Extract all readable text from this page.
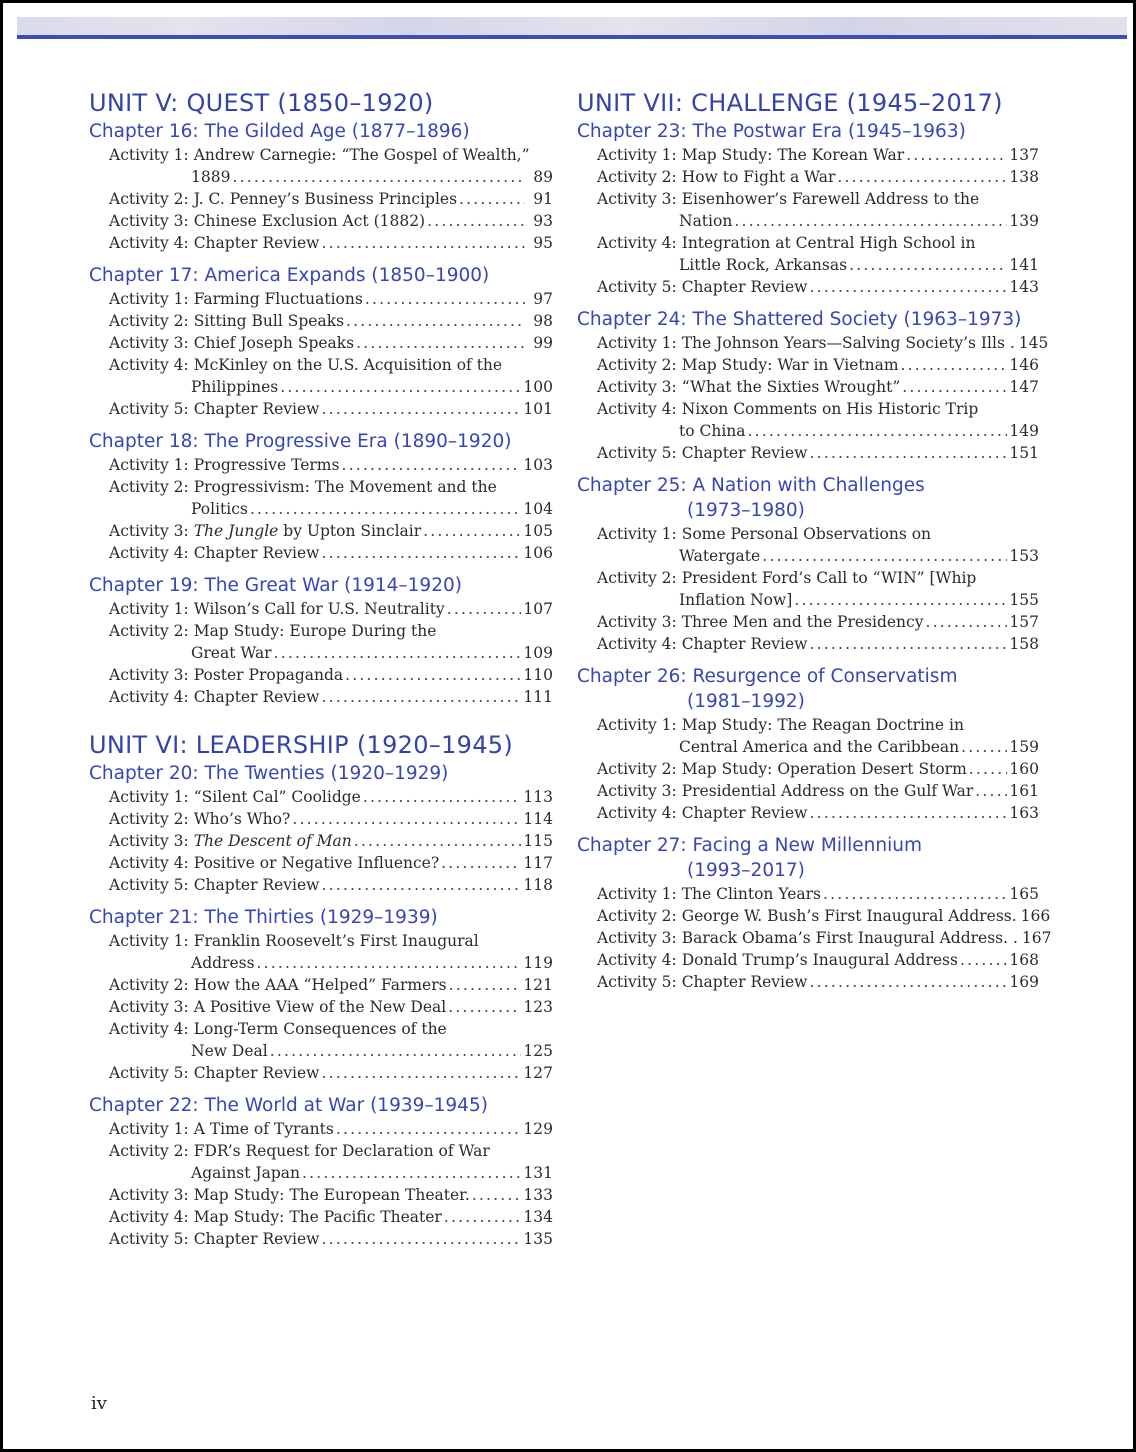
UNIT V: QUEST (1850–1920)
Chapter 16: The Gilded Age (1877–1896)
Activity 1: Andrew Carnegie: “The Gospel of Wealth,”
1889 .....	89
Activity 2: J. C. Penney’s Business Principles .....	91
Activity 3: Chinese Exclusion Act (1882) .....	93
Activity 4: Chapter Review .....	95
Chapter 17: America Expands (1850–1900)
Activity 1: Farming Fluctuations .....	97
Activity 2: Sitting Bull Speaks .....	98
Activity 3: Chief Joseph Speaks .....	99
Activity 4: McKinley on the U.S. Acquisition of the
Philippines .....	100
Activity 5: Chapter Review .....	101
Chapter 18: The Progressive Era (1890–1920)
Activity 1: Progressive Terms .....	103
Activity 2: Progressivism: The Movement and the
Politics .....	104
Activity 3: The Jungle by Upton Sinclair .....	105
Activity 4: Chapter Review .....	106
Chapter 19: The Great War (1914–1920)
Activity 1: Wilson’s Call for U.S. Neutrality .....	107
Activity 2: Map Study: Europe During the
Great War .....	109
Activity 3: Poster Propaganda .....	110
Activity 4: Chapter Review .....	111
UNIT VI: LEADERSHIP (1920–1945)
Chapter 20: The Twenties (1920–1929)
Activity 1: “Silent Cal” Coolidge .....	113
Activity 2: Who’s Who? .....	114
Activity 3: The Descent of Man .....	115
Activity 4: Positive or Negative Influence? .....	117
Activity 5: Chapter Review .....	118
Chapter 21: The Thirties (1929–1939)
Activity 1: Franklin Roosevelt’s First Inaugural
Address .....	119
Activity 2: How the AAA “Helped” Farmers .....	121
Activity 3: A Positive View of the New Deal .....	123
Activity 4: Long-Term Consequences of the
New Deal .....	125
Activity 5: Chapter Review .....	127
Chapter 22: The World at War (1939–1945)
Activity 1: A Time of Tyrants .....	129
Activity 2: FDR’s Request for Declaration of War
Against Japan .....	131
Activity 3: Map Study: The European Theater. .....	133
Activity 4: Map Study: The Pacific Theater .....	134
Activity 5: Chapter Review .....	135
UNIT VII: CHALLENGE (1945–2017)
Chapter 23: The Postwar Era (1945–1963)
Activity 1: Map Study: The Korean War .....	137
Activity 2: How to Fight a War .....	138
Activity 3: Eisenhower’s Farewell Address to the
Nation .....	139
Activity 4: Integration at Central High School in
Little Rock, Arkansas .....	141
Activity 5: Chapter Review .....	143
Chapter 24: The Shattered Society (1963–1973)
Activity 1: The Johnson Years—Salving Society’s Ills . 145
Activity 2: Map Study: War in Vietnam .....	146
Activity 3: “What the Sixties Wrought” .....	147
Activity 4: Nixon Comments on His Historic Trip
to China .....	149
Activity 5: Chapter Review .....	151
Chapter 25: A Nation with Challenges
(1973–1980)
Activity 1: Some Personal Observations on
Watergate .....	153
Activity 2: President Ford’s Call to “WIN” [Whip
Inflation Now] .....	155
Activity 3: Three Men and the Presidency .....	157
Activity 4: Chapter Review .....	158
Chapter 26: Resurgence of Conservatism
(1981–1992)
Activity 1: Map Study: The Reagan Doctrine in
Central America and the Caribbean .....	159
Activity 2: Map Study: Operation Desert Storm .....	160
Activity 3: Presidential Address on the Gulf War ..... 161
Activity 4: Chapter Review .....	163
Chapter 27: Facing a New Millennium
(1993–2017)
Activity 1: The Clinton Years .....	165
Activity 2: George W. Bush’s First Inaugural Address. 166
Activity 3: Barack Obama’s First Inaugural Address. . 167
Activity 4: Donald Trump’s Inaugural Address .....	168
Activity 5: Chapter Review .....	169
iv
